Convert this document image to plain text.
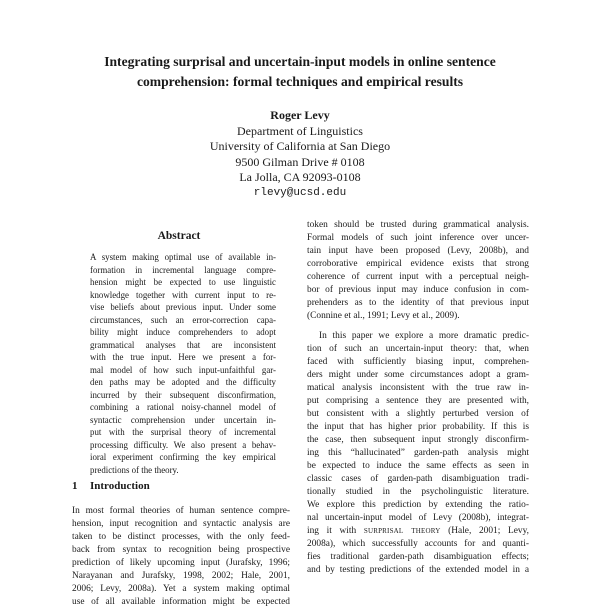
Integrating surprisal and uncertain-input models in online sentence
comprehension: formal techniques and empirical results
Roger Levy
Department of Linguistics
University of California at San Diego
9500 Gilman Drive # 0108
La Jolla, CA 92093-0108
rlevy@ucsd.edu
Abstract
A system making optimal use of available in-
formation in incremental language compre-
hension might be expected to use linguistic
knowledge together with current input to re-
vise beliefs about previous input. Under some
circumstances, such an error-correction capa-
bility might induce comprehenders to adopt
grammatical analyses that are inconsistent
with the true input. Here we present a for-
mal model of how such input-unfaithful gar-
den paths may be adopted and the difficulty
incurred by their subsequent disconfirmation,
combining a rational noisy-channel model of
syntactic comprehension under uncertain in-
put with the surprisal theory of incremental
processing difficulty. We also present a behav-
ioral experiment confirming the key empirical
predictions of the theory.
1 Introduction
In most formal theories of human sentence compre-
hension, input recognition and syntactic analysis are
taken to be distinct processes, with the only feed-
back from syntax to recognition being prospective
prediction of likely upcoming input (Jurafsky, 1996;
Narayanan and Jurafsky, 1998, 2002; Hale, 2001,
2006; Levy, 2008a). Yet a system making optimal
use of all available information might be expected
token should be trusted during grammatical analysis.
Formal models of such joint inference over uncer-
tain input have been proposed (Levy, 2008b), and
corroborative empirical evidence exists that strong
coherence of current input with a perceptual neigh-
bor of previous input may induce confusion in com-
prehenders as to the identity of that previous input
(Connine et al., 1991; Levy et al., 2009).
In this paper we explore a more dramatic predic-
tion of such an uncertain-input theory: that, when
faced with sufficiently biasing input, comprehen-
ders might under some circumstances adopt a gram-
matical analysis inconsistent with the true raw in-
put comprising a sentence they are presented with,
but consistent with a slightly perturbed version of
the input that has higher prior probability. If this is
the case, then subsequent input strongly disconfirm-
ing this “hallucinated” garden-path analysis might
be expected to induce the same effects as seen in
classic cases of garden-path disambiguation tradi-
tionally studied in the psycholinguistic literature.
We explore this prediction by extending the ratio-
nal uncertain-input model of Levy (2008b), integrat-
ing it with surprisal theory (Hale, 2001; Levy,
2008a), which successfully accounts for and quanti-
fies traditional garden-path disambiguation effects;
and by testing predictions of the extended model in a
